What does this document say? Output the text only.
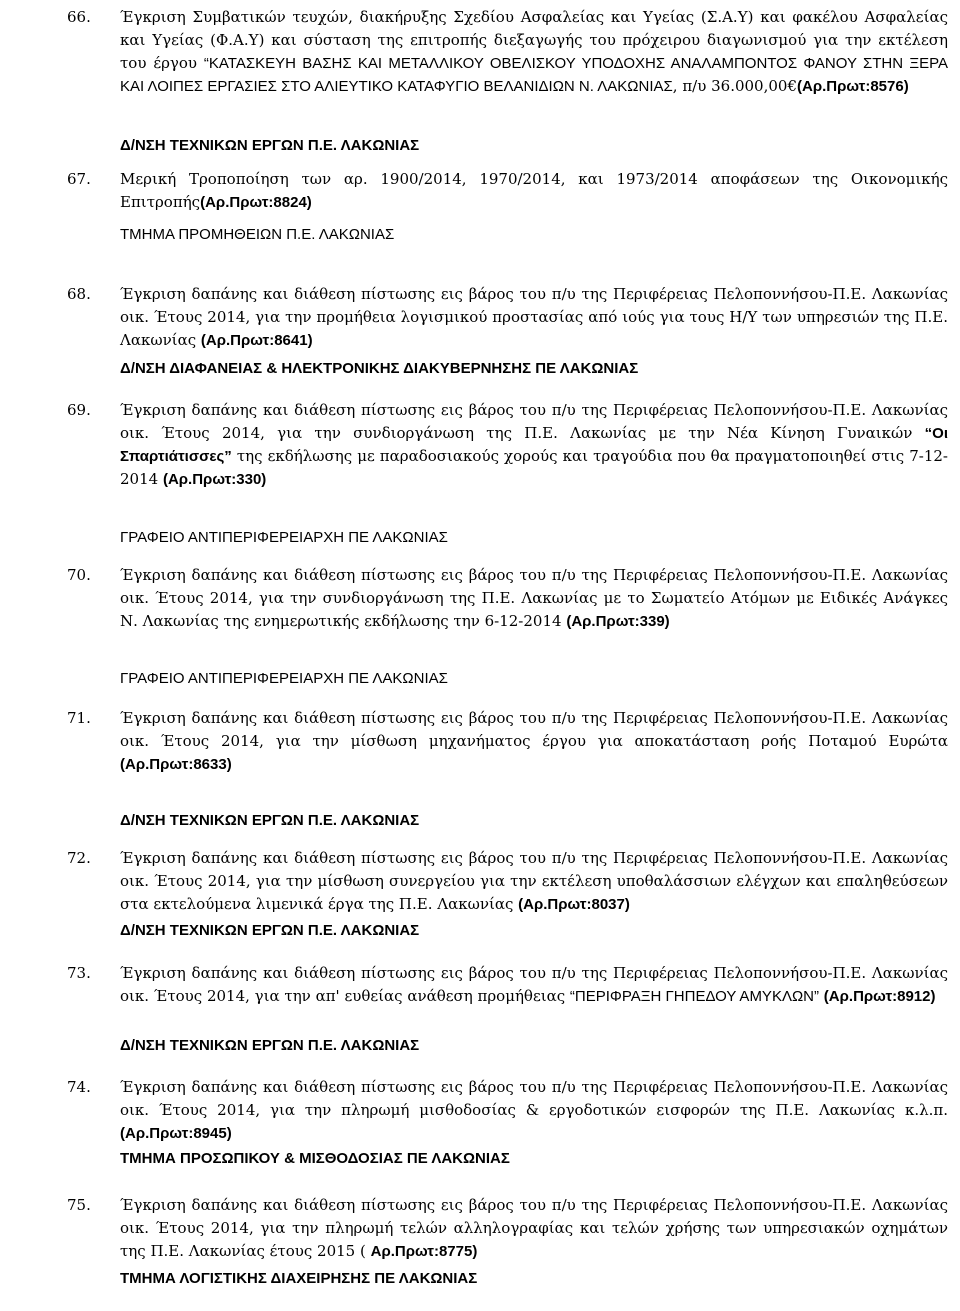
66. Έγκριση Συμβατικών τευχών, διακήρυξης Σχεδίου Ασφαλείας και Υγείας (Σ.Α.Υ) και φακέλου Ασφαλείας και Υγείας (Φ.Α.Υ) και σύσταση της επιτροπής διεξαγωγής του πρόχειρου διαγωνισμού για την εκτέλεση του έργου “ΚΑΤΑΣΚΕΥΗ ΒΑΣΗΣ ΚΑΙ ΜΕΤΑΛΛΙΚΟΥ ΟΒΕΛΙΣΚΟΥ ΥΠΟΔΟΧΗΣ ΑΝΑΛΑΜΠΟΝΤΟΣ ΦΑΝΟΥ ΣΤΗΝ ΞΕΡΑ ΚΑΙ ΛΟΙΠΕΣ ΕΡΓΑΣΙΕΣ ΣΤΟ ΑΛΙΕΥΤΙΚΟ ΚΑΤΑΦΥΓΙΟ ΒΕΛΑΝΙΔΙΩΝ Ν. ΛΑΚΩΝΙΑΣ, π/υ 36.000,00€(Αρ.Πρωτ:8576)
Δ/ΝΣΗ ΤΕΧΝΙΚΩΝ ΕΡΓΩΝ Π.Ε. ΛΑΚΩΝΙΑΣ
67. Μερική Τροποποίηση των αρ. 1900/2014, 1970/2014, και 1973/2014 αποφάσεων της Οικονομικής Επιτροπής(Αρ.Πρωτ:8824)
ΤΜΗΜΑ ΠΡΟΜΗΘΕΙΩΝ Π.Ε. ΛΑΚΩΝΙΑΣ
68. Έγκριση δαπάνης και διάθεση πίστωσης εις βάρος του π/υ της Περιφέρειας Πελοποννήσου-Π.Ε. Λακωνίας οικ. Έτους 2014, για την προμήθεια λογισμικού προστασίας από ιούς για τους Η/Υ των υπηρεσιών της Π.Ε. Λακωνίας (Αρ.Πρωτ:8641)
Δ/ΝΣΗ ΔΙΑΦΑΝΕΙΑΣ & ΗΛΕΚΤΡΟΝΙΚΗΣ ΔΙΑΚΥΒΕΡΝΗΣΗΣ ΠΕ ΛΑΚΩΝΙΑΣ
69. Έγκριση δαπάνης και διάθεση πίστωσης εις βάρος του π/υ της Περιφέρειας Πελοποννήσου-Π.Ε. Λακωνίας οικ. Έτους 2014, για την συνδιοργάνωση της Π.Ε. Λακωνίας με την Νέα Κίνηση Γυναικών “Οι Σπαρτιάτισσες” της εκδήλωσης με παραδοσιακούς χορούς και τραγούδια που θα πραγματοποιηθεί στις 7-12-2014 (Αρ.Πρωτ:330)
ΓΡΑΦΕΙΟ ΑΝΤΙΠΕΡΙΦΕΡΕΙΑΡΧΗ ΠΕ ΛΑΚΩΝΙΑΣ
70. Έγκριση δαπάνης και διάθεση πίστωσης εις βάρος του π/υ της Περιφέρειας Πελοποννήσου-Π.Ε. Λακωνίας οικ. Έτους 2014, για την συνδιοργάνωση της Π.Ε. Λακωνίας με το Σωματείο Ατόμων με Ειδικές Ανάγκες Ν. Λακωνίας της ενημερωτικής εκδήλωσης την 6-12-2014 (Αρ.Πρωτ:339)
ΓΡΑΦΕΙΟ ΑΝΤΙΠΕΡΙΦΕΡΕΙΑΡΧΗ ΠΕ ΛΑΚΩΝΙΑΣ
71. Έγκριση δαπάνης και διάθεση πίστωσης εις βάρος του π/υ της Περιφέρειας Πελοποννήσου-Π.Ε. Λακωνίας οικ. Έτους 2014, για την μίσθωση μηχανήματος έργου για αποκατάσταση ροής Ποταμού Ευρώτα (Αρ.Πρωτ:8633)
Δ/ΝΣΗ ΤΕΧΝΙΚΩΝ ΕΡΓΩΝ Π.Ε. ΛΑΚΩΝΙΑΣ
72. Έγκριση δαπάνης και διάθεση πίστωσης εις βάρος του π/υ της Περιφέρειας Πελοποννήσου-Π.Ε. Λακωνίας οικ. Έτους 2014, για την μίσθωση συνεργείου για την εκτέλεση υποθαλάσσιων ελέγχων και επαληθεύσεων στα εκτελούμενα λιμενικά έργα της Π.Ε. Λακωνίας (Αρ.Πρωτ:8037)
Δ/ΝΣΗ ΤΕΧΝΙΚΩΝ ΕΡΓΩΝ Π.Ε. ΛΑΚΩΝΙΑΣ
73. Έγκριση δαπάνης και διάθεση πίστωσης εις βάρος του π/υ της Περιφέρειας Πελοποννήσου-Π.Ε. Λακωνίας οικ. Έτους 2014, για την απ' ευθείας ανάθεση προμήθειας “ΠΕΡΙΦΡΑΞΗ ΓΗΠΕΔΟΥ ΑΜΥΚΛΩΝ” (Αρ.Πρωτ:8912)
Δ/ΝΣΗ ΤΕΧΝΙΚΩΝ ΕΡΓΩΝ Π.Ε. ΛΑΚΩΝΙΑΣ
74. Έγκριση δαπάνης και διάθεση πίστωσης εις βάρος του π/υ της Περιφέρειας Πελοποννήσου-Π.Ε. Λακωνίας οικ. Έτους 2014, για την πληρωμή μισθοδοσίας & εργοδοτικών εισφορών της Π.Ε. Λακωνίας κ.λ.π. (Αρ.Πρωτ:8945)
ΤΜΗΜΑ ΠΡΟΣΩΠΙΚΟΥ & ΜΙΣΘΟΔΟΣΙΑΣ ΠΕ ΛΑΚΩΝΙΑΣ
75. Έγκριση δαπάνης και διάθεση πίστωσης εις βάρος του π/υ της Περιφέρειας Πελοποννήσου-Π.Ε. Λακωνίας οικ. Έτους 2014, για την πληρωμή τελών αλληλογραφίας και τελών χρήσης των υπηρεσιακών οχημάτων της Π.Ε. Λακωνίας έτους 2015 ( Αρ.Πρωτ:8775)
ΤΜΗΜΑ ΛΟΓΙΣΤΙΚΗΣ ΔΙΑΧΕΙΡΗΣΗΣ ΠΕ ΛΑΚΩΝΙΑΣ
